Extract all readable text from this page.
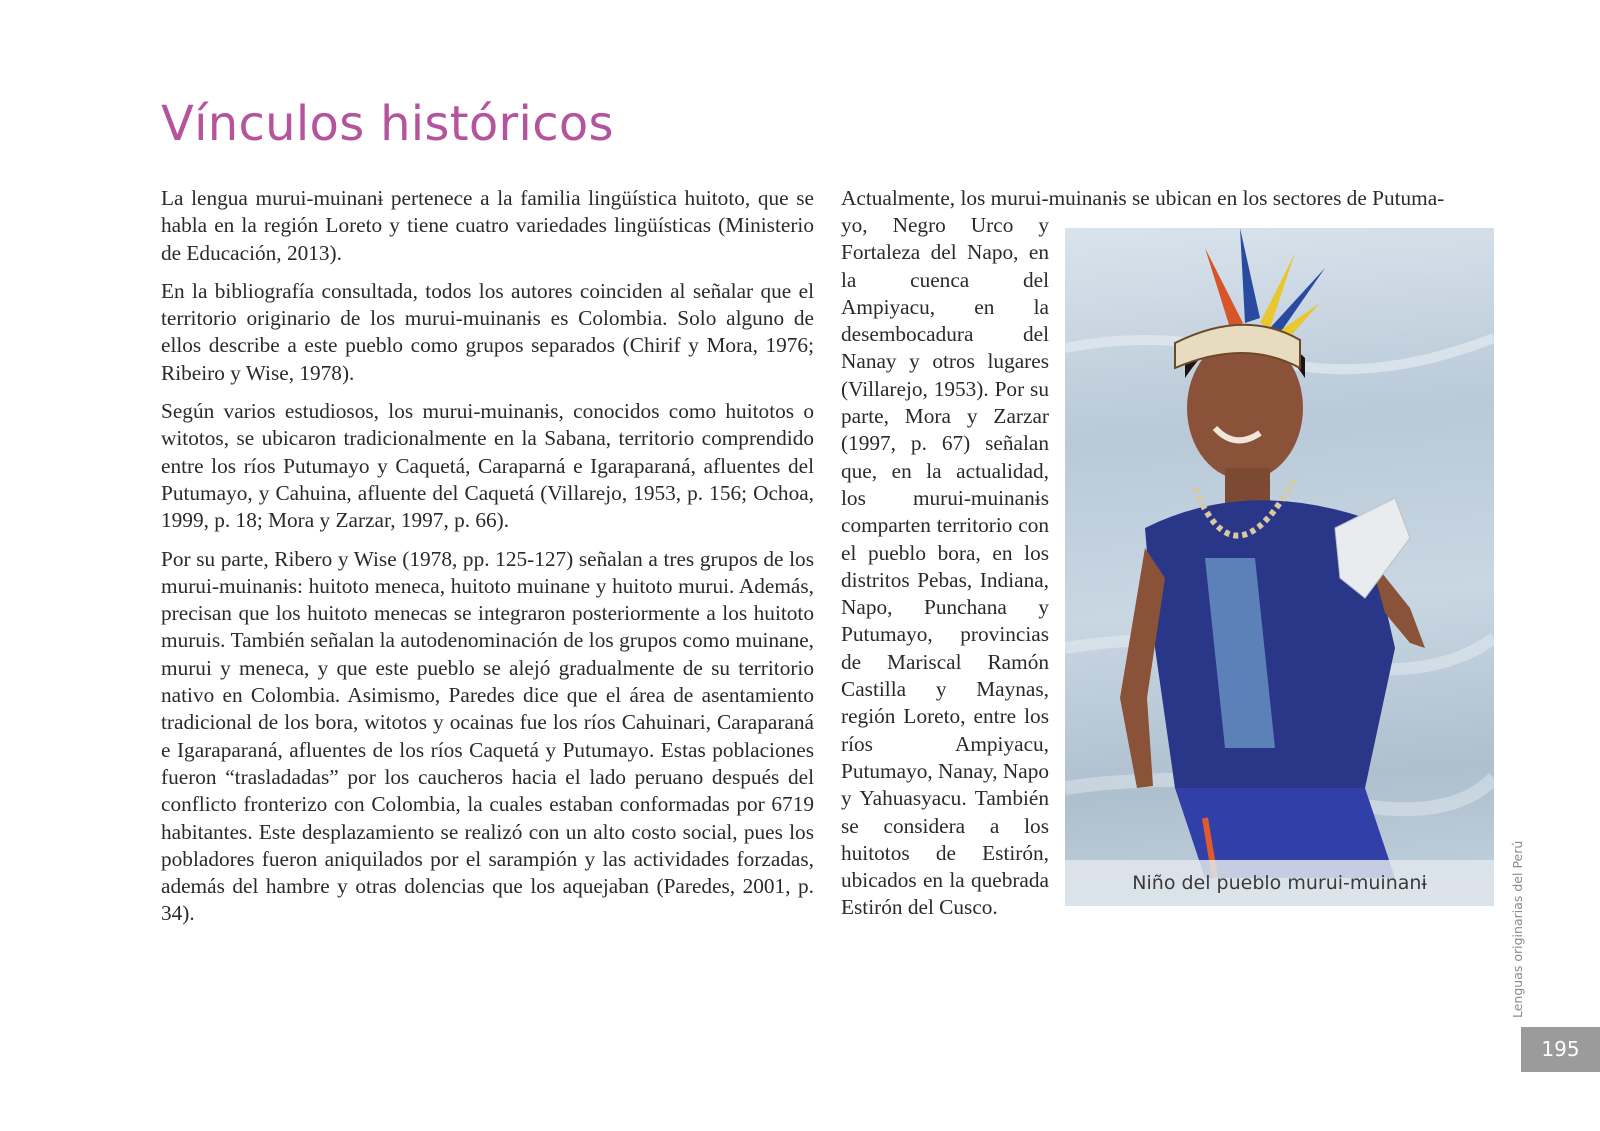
Vínculos históricos

La lengua murui-muinanɨ pertenece a la familia lingüística huitoto, que se habla en la región Loreto y tiene cuatro variedades lingüísticas (Ministerio de Educación, 2013).

En la bibliografía consultada, todos los autores coinciden al señalar que el territorio originario de los murui-muinanɨs es Colombia. Solo alguno de ellos describe a este pueblo como grupos separados (Chirif y Mora, 1976; Ribeiro y Wise, 1978).

Según varios estudiosos, los murui-muinanɨs, conocidos como huitotos o witotos, se ubicaron tradicionalmente en la Sabana, territorio comprendido entre los ríos Putumayo y Caquetá, Caraparná e Igaraparaná, afluentes del Putumayo, y Cahuina, afluente del Caquetá (Villarejo, 1953, p. 156; Ochoa, 1999, p. 18; Mora y Zarzar, 1997, p. 66).

Por su parte, Ribero y Wise (1978, pp. 125-127) señalan a tres grupos de los murui-muinanɨs: huitoto meneca, huitoto muinane y huitoto murui. Además, precisan que los huitoto menecas se integraron posteriormente a los huitoto muruis. También señalan la autodenominación de los grupos como muinane, murui y meneca, y que este pueblo se alejó gradualmente de su territorio nativo en Colombia. Asimismo, Paredes dice que el área de asentamiento tradicional de los bora, witotos y ocainas fue los ríos Cahuinari, Caraparaná e Igaraparaná, afluentes de los ríos Caquetá y Putumayo. Estas poblaciones fueron “trasladadas” por los caucheros hacia el lado peruano después del conflicto fronterizo con Colombia, la cuales estaban conformadas por 6719 habitantes. Este desplazamiento se realizó con un alto costo social, pues los pobladores fueron aniquilados por el sarampión y las actividades forzadas, además del hambre y otras dolencias que los aquejaban (Paredes, 2001, p. 34).

Actualmente, los murui-muinanɨs se ubican en los sectores de Putuma-

yo, Negro Urco y Fortaleza del Napo, en la cuenca del Ampiyacu, en la desembocadura del Nanay y otros lugares (Villarejo, 1953). Por su parte, Mora y Zarzar (1997, p. 67) señalan que, en la actualidad, los murui-muinanɨs comparten territorio con el pueblo bora, en los distritos Pebas, Indiana, Napo, Punchana y Putumayo, provincias de Mariscal Ramón Castilla y Maynas, región Loreto, entre los ríos Ampiyacu, Putumayo, Nanay, Napo y Yahuasyacu. También se considera a los huitotos de Estirón, ubicados en la quebrada Estirón del Cusco.

Niño del pueblo murui-muinanɨ	Lenguas originarias del Perú
195
